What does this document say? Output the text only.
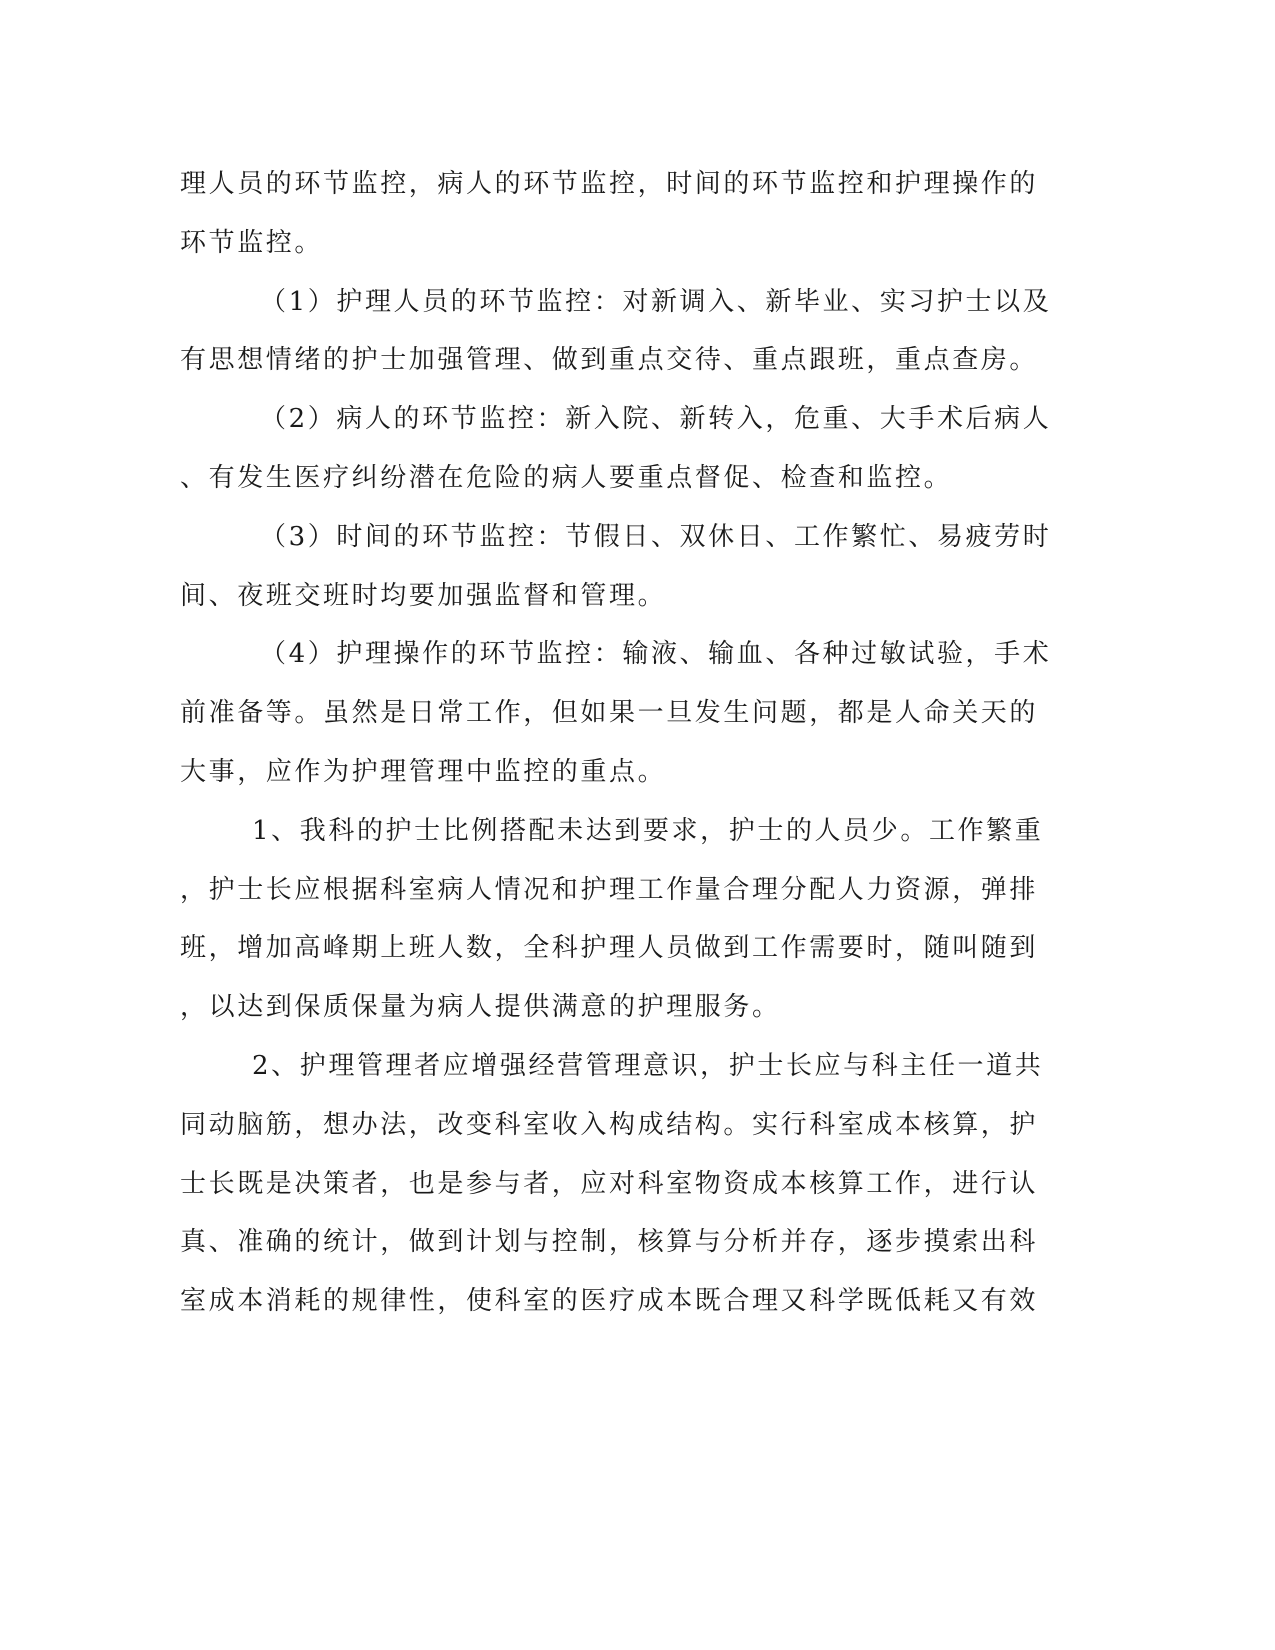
理人员的环节监控，病人的环节监控，时间的环节监控和护理操作的
环节监控。
（1）护理人员的环节监控：对新调入、新毕业、实习护士以及
有思想情绪的护士加强管理、做到重点交待、重点跟班，重点查房。
（2）病人的环节监控：新入院、新转入，危重、大手术后病人
、有发生医疗纠纷潜在危险的病人要重点督促、检查和监控。
（3）时间的环节监控：节假日、双休日、工作繁忙、易疲劳时
间、夜班交班时均要加强监督和管理。
（4）护理操作的环节监控：输液、输血、各种过敏试验，手术
前准备等。虽然是日常工作，但如果一旦发生问题，都是人命关天的
大事，应作为护理管理中监控的重点。
1、我科的护士比例搭配未达到要求，护士的人员少。工作繁重
，护士长应根据科室病人情况和护理工作量合理分配人力资源，弹排
班，增加高峰期上班人数，全科护理人员做到工作需要时，随叫随到
，以达到保质保量为病人提供满意的护理服务。
2、护理管理者应增强经营管理意识，护士长应与科主任一道共
同动脑筋，想办法，改变科室收入构成结构。实行科室成本核算，护
士长既是决策者，也是参与者，应对科室物资成本核算工作，进行认
真、准确的统计，做到计划与控制，核算与分析并存，逐步摸索出科
室成本消耗的规律性，使科室的医疗成本既合理又科学既低耗又有效
